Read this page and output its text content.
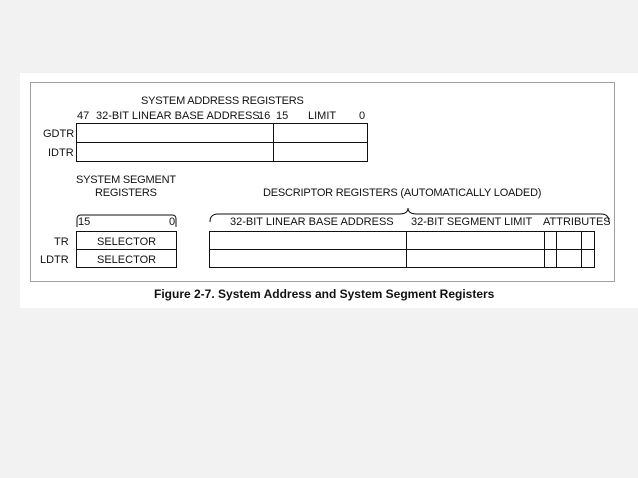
SYSTEM ADDRESS REGISTERS
47 32-BIT LINEAR BASE ADDRESS
16 15 LIMIT 0
GDTR
IDTR
SYSTEM SEGMENT
REGISTERS
15	0
TR
LDTR
SELECTOR
SELECTOR
DESCRIPTOR REGISTERS (AUTOMATICALLY LOADED)
32-BIT LINEAR BASE ADDRESS 32-BIT SEGMENT LIMIT ATTRIBUTES
Figure 2-7. System Address and System Segment Registers
